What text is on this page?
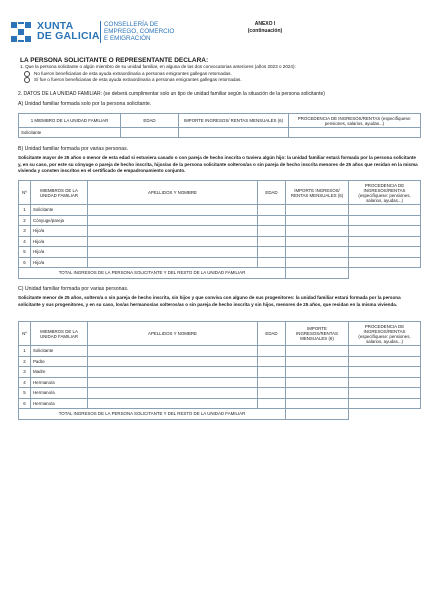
XUNTA
DE GALICIA
CONSELLERÍA DE
EMPREGO, COMERCIO
E EMIGRACIÓN
ANEXO I
(continuación)
LA PERSONA SOLICITANTE O REPRESENTANTE DECLARA:
1. Que la persona solicitante o algún miembro de su unidad familiar, en alguna de las dos convocatorias anteriores (años 2023 o 2024):
No fueron beneficiarias de esta ayuda extraordinaria a personas emigrantes gallegas retornadas.
Sí fue o fueron beneficiarias de esta ayuda extraordinaria a personas emigrantes gallegas retornadas.
2. DATOS DE LA UNIDAD FAMILIAR: (se deberá cumplimentar solo un tipo de unidad familiar según la situación de la persona solicitante)
A) Unidad familiar formada solo por la persona solicitante.
1 MIEMBRO DE LA UNIDAD FAMILIAR	EDAD	IMPORTE INGRESOS/ RENTAS MENSUALES (6)	PROCEDENCIA DE INGRESOS/RENTAS (especifíquese: pensiones, salarios, ayudas...)
Solicitante			
B) Unidad familiar formada por varias personas.
Solicitante mayor de 25 años o menor de esta edad si estuviera casado o con pareja de hecho inscrita o tuviera algún hijo: la unidad familiar estará formada por la persona solicitante y, en su caso, por este su cónyuge o pareja de hecho inscrita, hijos/as de la persona solicitante solteros/as o sin pareja de hecho inscrita menores de 25 años que residan en la misma vivienda y consten inscritos en el certificado de empadronamiento conjunto.
Nº	MIEMBROS DE LA UNIDAD FAMILIAR	APELLIDOS Y NOMBRE	EDAD	IMPORTE INGRESOS/ RENTAS MENSUALES (6)	PROCEDENCIA DE INGRESOS/RENTAS (especifíquese: pensiones, salarios, ayudas...)
1	Solicitante				
2	Cónyuge/pareja				
3	Hijo/a				
4	Hijo/a				
5	Hijo/a				
6	Hijo/a				
TOTAL INGRESOS DE LA PERSONA SOLICITANTE Y DEL RESTO DE LA UNIDAD FAMILIAR					
C) Unidad familiar formada por varias personas.
Solicitante menor de 25 años, soltero/a o sin pareja de hecho inscrita, sin hijos y que conviva con alguno de sus progenitores: la unidad familiar estará formada por la persona solicitante y sus progenitores, y en su caso, los/as hermanos/as solteros/as o sin pareja de hecho inscrita y sin hijos, menores de 25 años, que residan en la misma vivienda.
Nº	MIEMBROS DE LA UNIDAD FAMILIAR	APELLIDOS Y NOMBRE	EDAD	IMPORTE INGRESOS/RENTAS MENSUALES (6)	PROCEDENCIA DE INGRESOS/RENTAS (especifíquese: pensiones, salarios, ayudas...)
1	Solicitante				
2	Padre				
3	Madre				
4	Hermano/a				
5	Hermano/a				
6	Hermano/a				
TOTAL INGRESOS DE LA PERSONA SOLICITANTE Y DEL RESTO DE LA UNIDAD FAMILIAR					
